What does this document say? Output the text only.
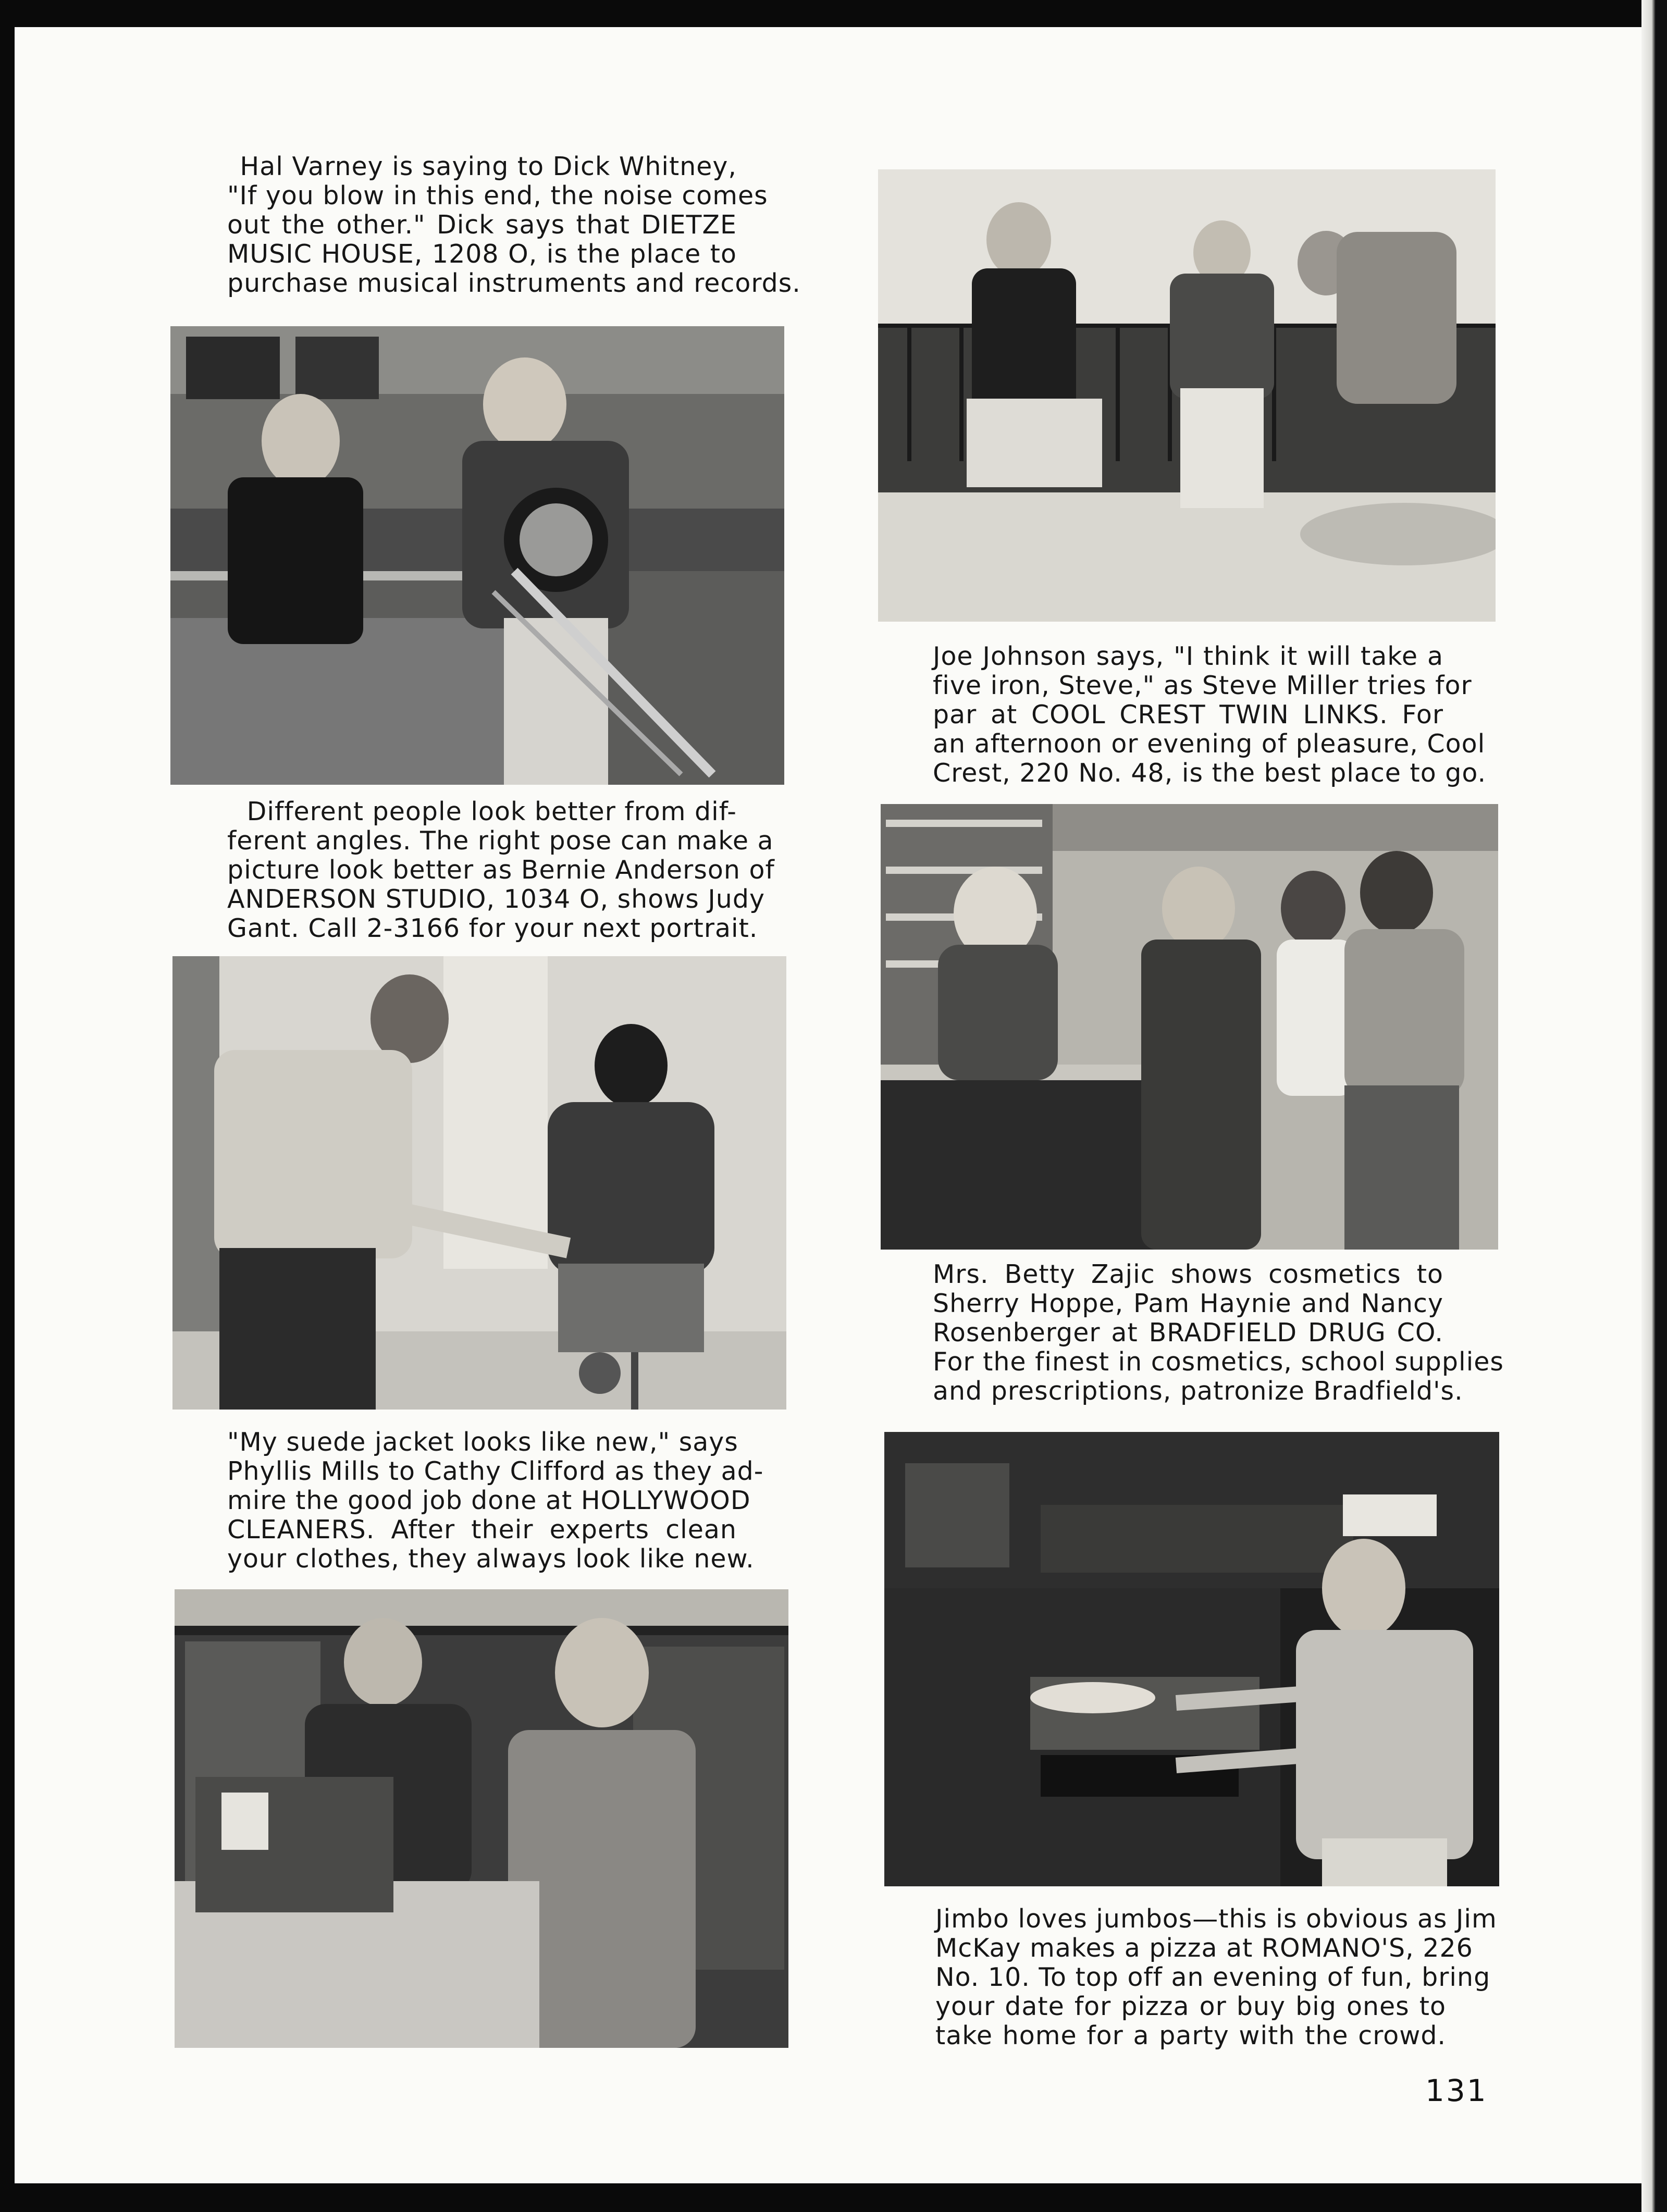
Hal Varney is saying to Dick Whitney,
"If you blow in this end, the noise comes
out the other." Dick says that DIETZE
MUSIC HOUSE, 1208 O, is the place to
purchase musical instruments and records.
Different people look better from dif-
ferent angles. The right pose can make a
picture look better as Bernie Anderson of
ANDERSON STUDIO, 1034 O, shows Judy
Gant. Call 2-3166 for your next portrait.
"My suede jacket looks like new," says
Phyllis Mills to Cathy Clifford as they ad-
mire the good job done at HOLLYWOOD
CLEANERS. After their experts clean
your clothes, they always look like new.
Joe Johnson says, "I think it will take a
five iron, Steve," as Steve Miller tries for
par at COOL CREST TWIN LINKS. For
an afternoon or evening of pleasure, Cool
Crest, 220 No. 48, is the best place to go.
Mrs. Betty Zajic shows cosmetics to
Sherry Hoppe, Pam Haynie and Nancy
Rosenberger at BRADFIELD DRUG CO.
For the finest in cosmetics, school supplies
and prescriptions, patronize Bradfield's.
Jimbo loves jumbos—this is obvious as Jim
McKay makes a pizza at ROMANO'S, 226
No. 10. To top off an evening of fun, bring
your date for pizza or buy big ones to
take home for a party with the crowd.
131
